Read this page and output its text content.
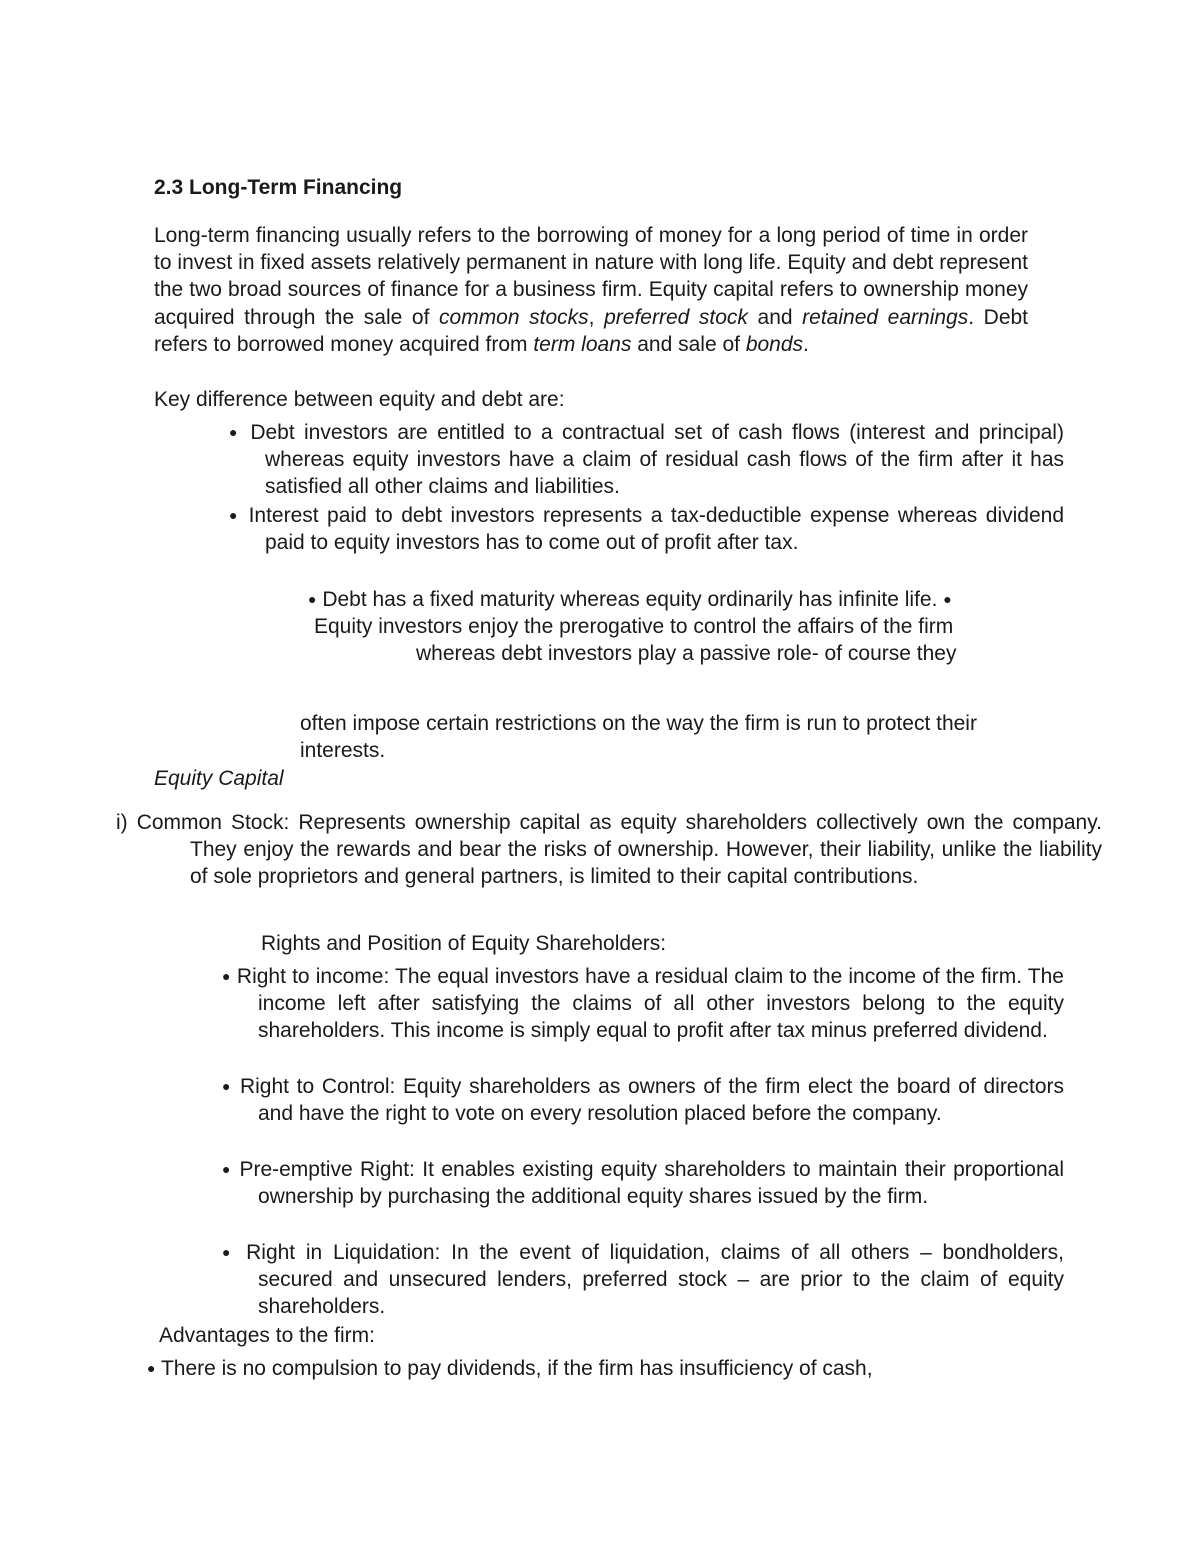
2.3 Long-Term Financing

Long-term financing usually refers to the borrowing of money for a long period of time in order to invest in fixed assets relatively permanent in nature with long life. Equity and debt represent the two broad sources of finance for a business firm. Equity capital refers to ownership money acquired through the sale of common stocks, preferred stock and retained earnings. Debt refers to borrowed money acquired from term loans and sale of bonds.

Key difference between equity and debt are:

● Debt investors are entitled to a contractual set of cash flows (interest and principal) whereas equity investors have a claim of residual cash flows of the firm after it has satisfied all other claims and liabilities.

● Interest paid to debt investors represents a tax-deductible expense whereas dividend paid to equity investors has to come out of profit after tax.

● Debt has a fixed maturity whereas equity ordinarily has infinite life. ●
Equity investors enjoy the prerogative to control the affairs of the firm
whereas debt investors play a passive role- of course they

often impose certain restrictions on the way the firm is run to protect their interests.

Equity Capital

i) Common Stock: Represents ownership capital as equity shareholders collectively own the company. They enjoy the rewards and bear the risks of ownership. However, their liability, unlike the liability of sole proprietors and general partners, is limited to their capital contributions.

Rights and Position of Equity Shareholders:

● Right to income: The equal investors have a residual claim to the income of the firm. The income left after satisfying the claims of all other investors belong to the equity shareholders. This income is simply equal to profit after tax minus preferred dividend.

● Right to Control: Equity shareholders as owners of the firm elect the board of directors and have the right to vote on every resolution placed before the company.

● Pre-emptive Right: It enables existing equity shareholders to maintain their proportional ownership by purchasing the additional equity shares issued by the firm.

● Right in Liquidation: In the event of liquidation, claims of all others – bondholders, secured and unsecured lenders, preferred stock – are prior to the claim of equity shareholders.

Advantages to the firm:

● There is no compulsion to pay dividends, if the firm has insufficiency of cash,
